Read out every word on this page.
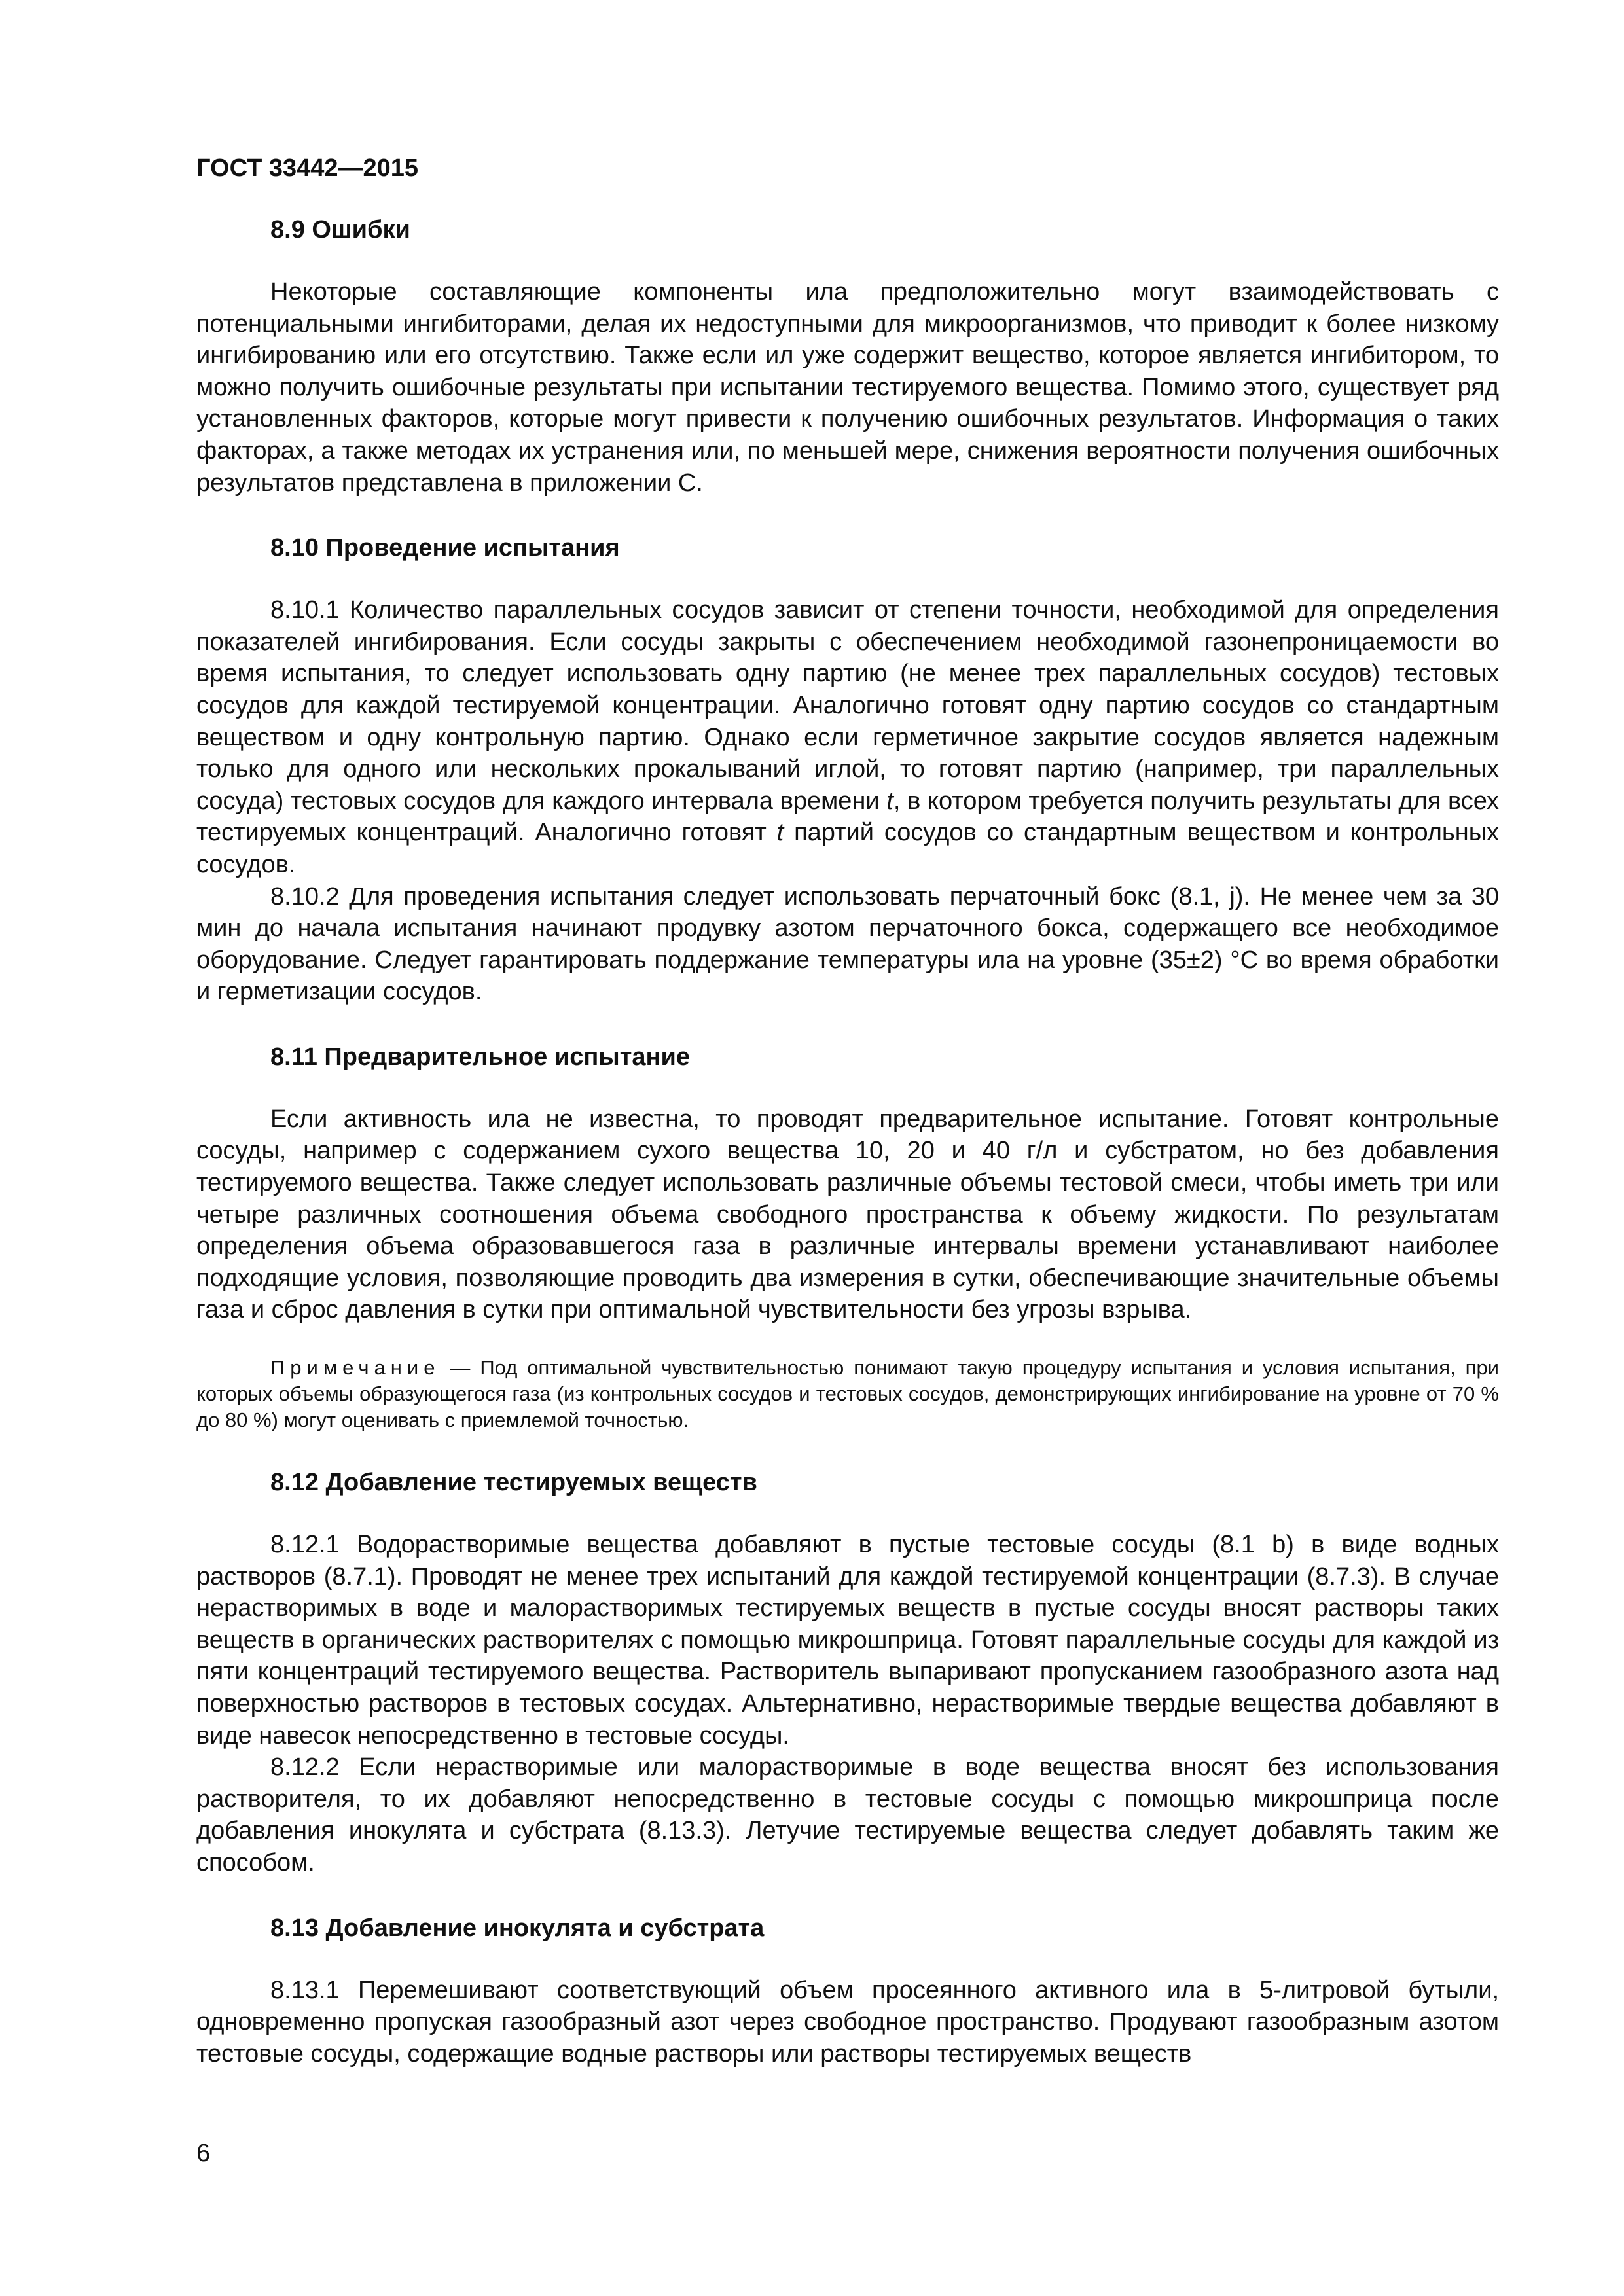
ГОСТ 33442—2015
8.9 Ошибки

Некоторые составляющие компоненты ила предположительно могут взаимодействовать с потенциальными ингибиторами, делая их недоступными для микроорганизмов, что приводит к более низкому ингибированию или его отсутствию. Также если ил уже содержит вещество, которое является ингибитором, то можно получить ошибочные результаты при испытании тестируемого вещества. Помимо этого, существует ряд установленных факторов, которые могут привести к получению ошибочных результатов. Информация о таких факторах, а также методах их устранения или, по меньшей мере, снижения вероятности получения ошибочных результатов представлена в приложении С.

8.10 Проведение испытания

8.10.1 Количество параллельных сосудов зависит от степени точности, необходимой для определения показателей ингибирования. Если сосуды закрыты с обеспечением необходимой газонепроницаемости во время испытания, то следует использовать одну партию (не менее трех параллельных сосудов) тестовых сосудов для каждой тестируемой концентрации. Аналогично готовят одну партию сосудов со стандартным веществом и одну контрольную партию. Однако если герметичное закрытие сосудов является надежным только для одного или нескольких прокалываний иглой, то готовят партию (например, три параллельных сосуда) тестовых сосудов для каждого интервала времени t, в котором требуется получить результаты для всех тестируемых концентраций. Аналогично готовят t партий сосудов со стандартным веществом и контрольных сосудов.

8.10.2 Для проведения испытания следует использовать перчаточный бокс (8.1, j). Не менее чем за 30 мин до начала испытания начинают продувку азотом перчаточного бокса, содержащего все необходимое оборудование. Следует гарантировать поддержание температуры ила на уровне (35±2) °С во время обработки и герметизации сосудов.

8.11 Предварительное испытание

Если активность ила не известна, то проводят предварительное испытание. Готовят контрольные сосуды, например с содержанием сухого вещества 10, 20 и 40 г/л и субстратом, но без добавления тестируемого вещества. Также следует использовать различные объемы тестовой смеси, чтобы иметь три или четыре различных соотношения объема свободного пространства к объему жидкости. По результатам определения объема образовавшегося газа в различные интервалы времени устанавливают наиболее подходящие условия, позволяющие проводить два измерения в сутки, обеспечивающие значительные объемы газа и сброс давления в сутки при оптимальной чувствительности без угрозы взрыва.

Примечание — Под оптимальной чувствительностью понимают такую процедуру испытания и условия испытания, при которых объемы образующегося газа (из контрольных сосудов и тестовых сосудов, демонстрирующих ингибирование на уровне от 70 % до 80 %) могут оценивать с приемлемой точностью.

8.12 Добавление тестируемых веществ

8.12.1 Водорастворимые вещества добавляют в пустые тестовые сосуды (8.1 b) в виде водных растворов (8.7.1). Проводят не менее трех испытаний для каждой тестируемой концентрации (8.7.3). В случае нерастворимых в воде и малорастворимых тестируемых веществ в пустые сосуды вносят растворы таких веществ в органических растворителях с помощью микрошприца. Готовят параллельные сосуды для каждой из пяти концентраций тестируемого вещества. Растворитель выпаривают пропусканием газообразного азота над поверхностью растворов в тестовых сосудах. Альтернативно, нерастворимые твердые вещества добавляют в виде навесок непосредственно в тестовые сосуды.

8.12.2 Если нерастворимые или малорастворимые в воде вещества вносят без использования растворителя, то их добавляют непосредственно в тестовые сосуды с помощью микрошприца после добавления инокулята и субстрата (8.13.3). Летучие тестируемые вещества следует добавлять таким же способом.

8.13 Добавление инокулята и субстрата

8.13.1 Перемешивают соответствующий объем просеянного активного ила в 5-литровой бутыли, одновременно пропуская газообразный азот через свободное пространство. Продувают газообразным азотом тестовые сосуды, содержащие водные растворы или растворы тестируемых веществ

6
